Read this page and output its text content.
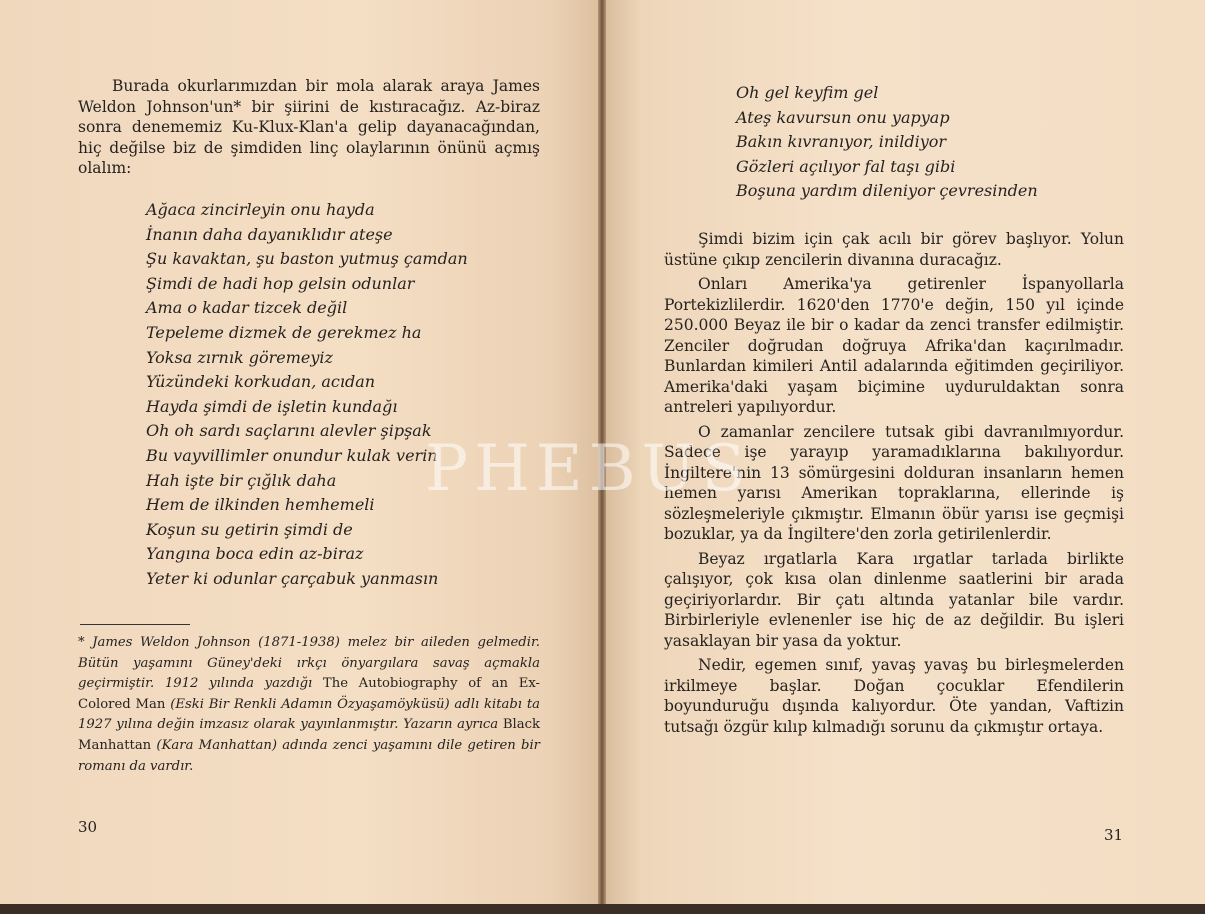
Burada okurlarımızdan bir mola alarak araya James Weldon Johnson'un* bir şiirini de kıstıracağız. Az-biraz sonra denememiz Ku-Klux-Klan'a gelip dayanacağından, hiç değilse biz de şimdiden linç olaylarının önünü açmış olalım:

Ağaca zincirleyin onu hayda
İnanın daha dayanıklıdır ateşe
Şu kavaktan, şu baston yutmuş çamdan
Şimdi de hadi hop gelsin odunlar
Ama o kadar tizcek değil
Tepeleme dizmek de gerekmez ha
Yoksa zırnık göremeyiz
Yüzündeki korkudan, acıdan
Hayda şimdi de işletin kundağı
Oh oh sardı saçlarını alevler şipşak
Bu vayvillimler onundur kulak verin
Hah işte bir çığlık daha
Hem de ilkinden hemhemeli
Koşun su getirin şimdi de
Yangına boca edin az-biraz
Yeter ki odunlar çarçabuk yanmasın

* James Weldon Johnson (1871-1938) melez bir aileden gelmedir. Bütün yaşamını Güney'deki ırkçı önyargılara savaş açmakla geçirmiştir. 1912 yılında yazdığı The Autobiography of an Ex-Colored Man (Eski Bir Renkli Adamın Özyaşamöyküsü) adlı kitabı ta 1927 yılına değin imzasız olarak yayınlanmıştır. Yazarın ayrıca Black Manhattan (Kara Manhattan) adında zenci yaşamını dile getiren bir romanı da vardır.

30
Oh gel keyfim gel
Ateş kavursun onu yapyap
Bakın kıvranıyor, inildiyor
Gözleri açılıyor fal taşı gibi
Boşuna yardım dileniyor çevresinden

Şimdi bizim için çak acılı bir görev başlıyor. Yolun üstüne çıkıp zencilerin divanına duracağız.

Onları Amerika'ya getirenler İspanyollarla Portekizlilerdir. 1620'den 1770'e değin, 150 yıl içinde 250.000 Beyaz ile bir o kadar da zenci transfer edilmiştir. Zenciler doğrudan doğruya Afrika'dan kaçırılmadır. Bunlardan kimileri Antil adalarında eğitimden geçiriliyor. Amerika'daki yaşam biçimine uyduruldaktan sonra antreleri yapılıyordur.

O zamanlar zencilere tutsak gibi davranılmıyordur. Sadece işe yarayıp yaramadıklarına bakılıyordur. İngiltere'nin 13 sömürgesini dolduran insanların hemen hemen yarısı Amerikan topraklarına, ellerinde iş sözleşmeleriyle çıkmıştır. Elmanın öbür yarısı ise geçmişi bozuklar, ya da İngiltere'den zorla getirilenlerdir.

Beyaz ırgatlarla Kara ırgatlar tarlada birlikte çalışıyor, çok kısa olan dinlenme saatlerini bir arada geçiriyorlardır. Bir çatı altında yatanlar bile vardır. Birbirleriyle evlenenler ise hiç de az değildir. Bu işleri yasaklayan bir yasa da yoktur.

Nedir, egemen sınıf, yavaş yavaş bu birleşmelerden irkilmeye başlar. Doğan çocuklar Efendilerin boyunduruğu dışında kalıyordur. Öte yandan, Vaftizin tutsağı özgür kılıp kılmadığı sorunu da çıkmıştır ortaya.

31
PHEBUS
